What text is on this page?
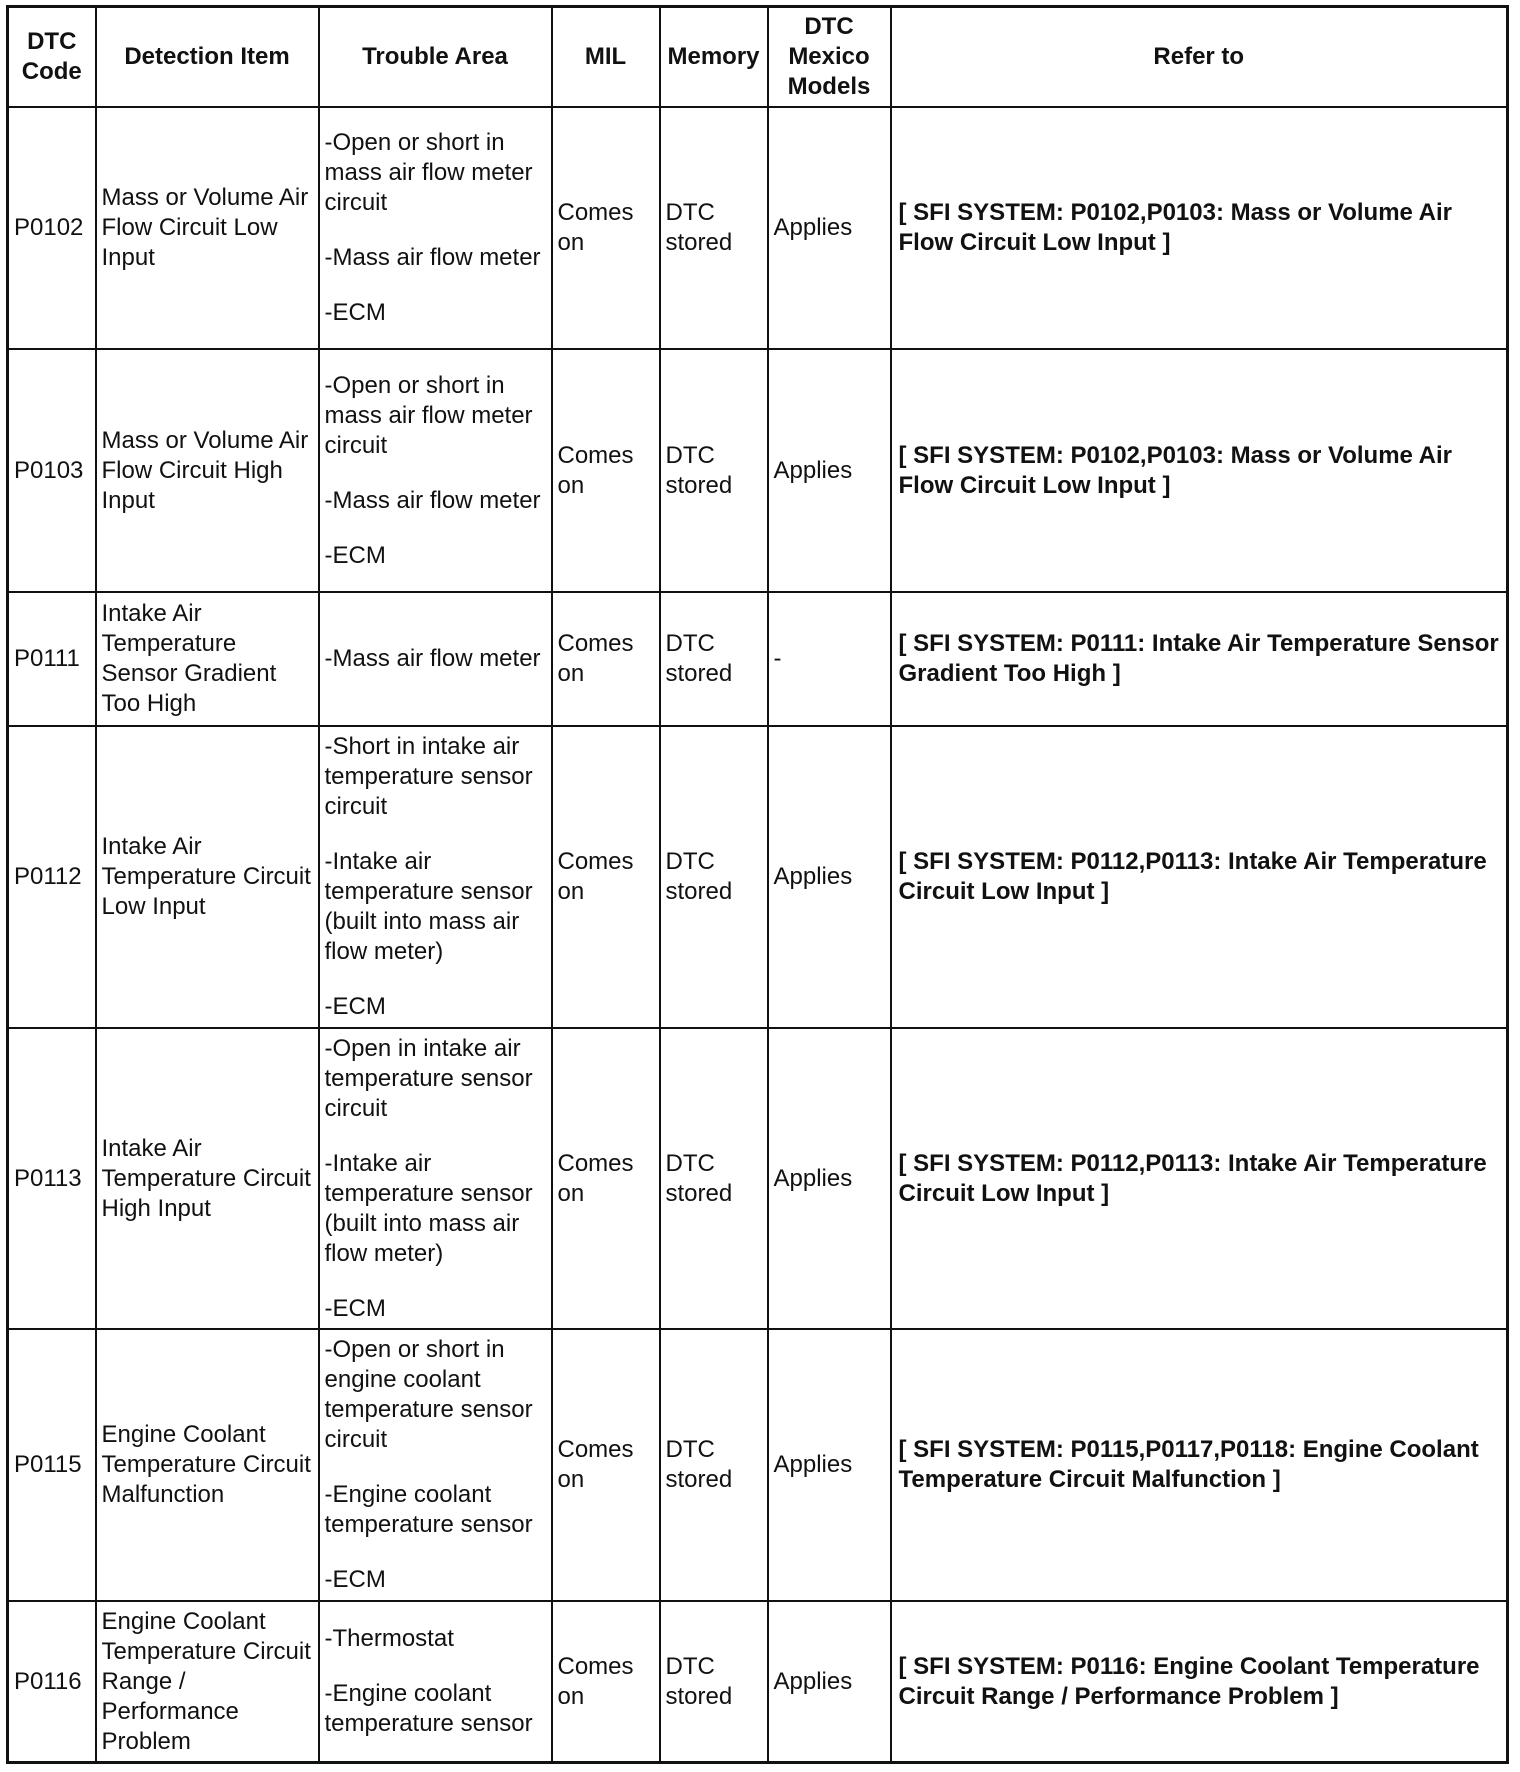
DTC Code	Detection Item	Trouble Area	MIL	Memory	DTC Mexico Models	Refer to
P0102	Mass or Volume Air Flow Circuit Low Input	-Open or short in mass air flow meter circuit
-Mass air flow meter
-ECM	Comes on	DTC stored	Applies	[ SFI SYSTEM: P0102,P0103: Mass or Volume Air Flow Circuit Low Input ]
P0103	Mass or Volume Air Flow Circuit High Input	-Open or short in mass air flow meter circuit
-Mass air flow meter
-ECM	Comes on	DTC stored	Applies	[ SFI SYSTEM: P0102,P0103: Mass or Volume Air Flow Circuit Low Input ]
P0111	Intake Air Temperature Sensor Gradient Too High	-Mass air flow meter	Comes on	DTC stored	-	[ SFI SYSTEM: P0111: Intake Air Temperature Sensor Gradient Too High ]
P0112	Intake Air Temperature Circuit Low Input	-Short in intake air temperature sensor circuit
-Intake air temperature sensor (built into mass air flow meter)
-ECM	Comes on	DTC stored	Applies	[ SFI SYSTEM: P0112,P0113: Intake Air Temperature Circuit Low Input ]
P0113	Intake Air Temperature Circuit High Input	-Open in intake air temperature sensor circuit
-Intake air temperature sensor (built into mass air flow meter)
-ECM	Comes on	DTC stored	Applies	[ SFI SYSTEM: P0112,P0113: Intake Air Temperature Circuit Low Input ]
P0115	Engine Coolant Temperature Circuit Malfunction	-Open or short in engine coolant temperature sensor circuit
-Engine coolant temperature sensor
-ECM	Comes on	DTC stored	Applies	[ SFI SYSTEM: P0115,P0117,P0118: Engine Coolant Temperature Circuit Malfunction ]
P0116	Engine Coolant Temperature Circuit Range / Performance Problem	-Thermostat
-Engine coolant temperature sensor	Comes on	DTC stored	Applies	[ SFI SYSTEM: P0116: Engine Coolant Temperature Circuit Range / Performance Problem ]
